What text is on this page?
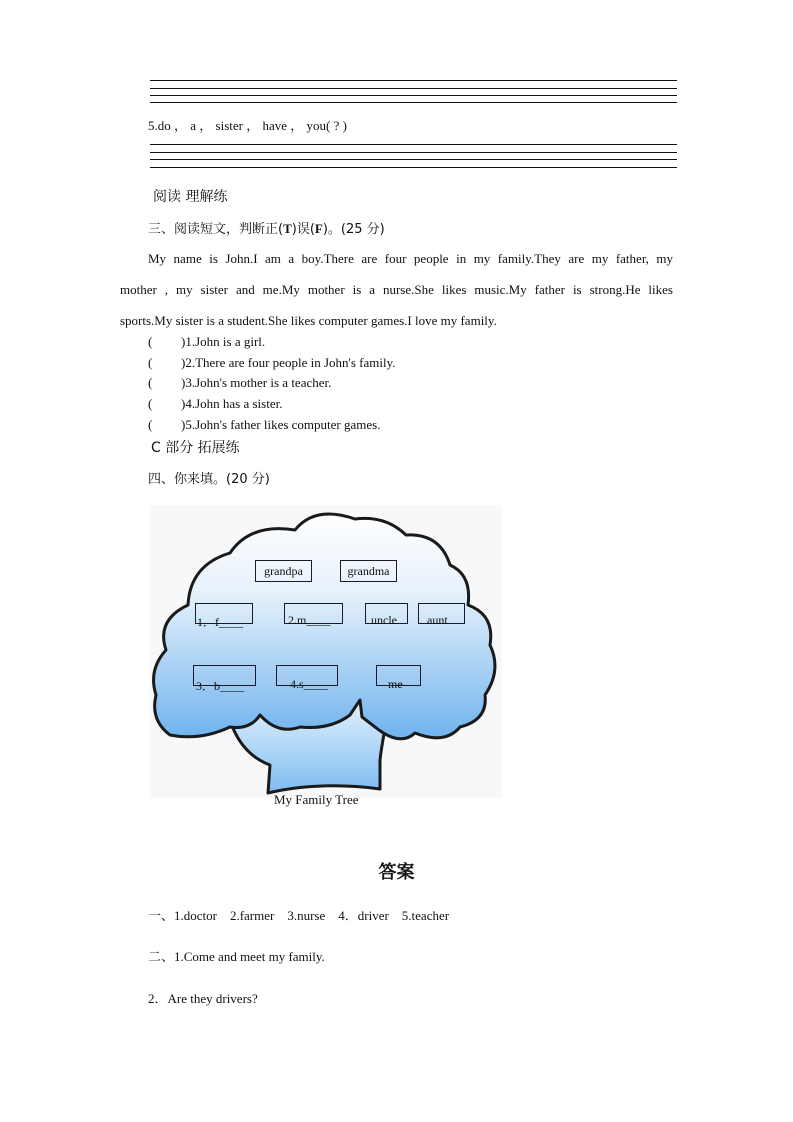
5.do ， a ， sister ， have ， you( ? )
阅读 理解练
三、阅读短文，判断正(T)误(F)。(25 分)
My name is John.I am a boy.There are four people in my family.They are my father, my
mother , my sister and me.My mother is a nurse.She likes music.My father is strong.He likes
sports.My sister is a student.She likes computer games.I love my family.
( )1.John is a girl.
( )2.There are four people in John's family.
( )3.John's mother is a teacher.
( )4.John has a sister.
( )5.John's father likes computer games.
C 部分 拓展练
四、你来填。(20 分)
grandpa	grandma
1．f____	2.m____	uncle	aunt
3．b____	4.s____	me
My Family Tree
答案
一、1.doctor    2.farmer    3.nurse    4．driver    5.teacher
二、1.Come and meet my family.
2．Are they drivers?
